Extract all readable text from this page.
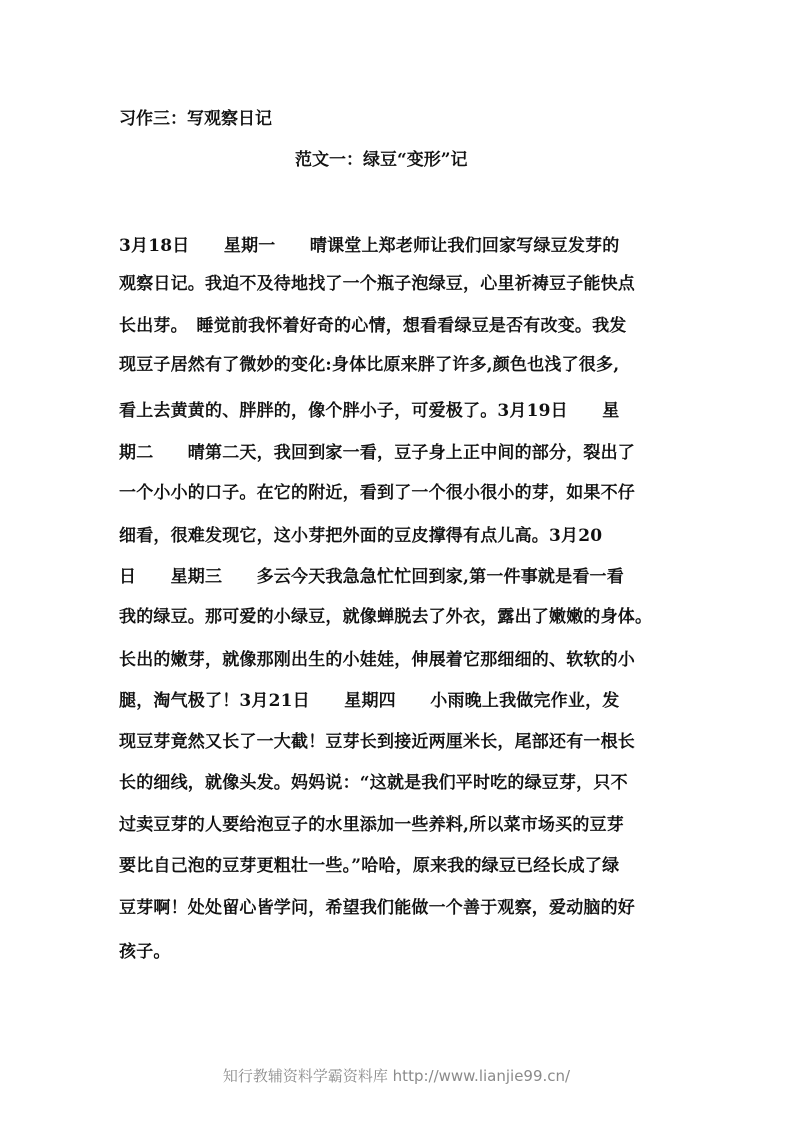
习作三：写观察日记
范文一：绿豆“变形”记
3月18日　　星期一　　晴课堂上郑老师让我们回家写绿豆发芽的
观察日记。我迫不及待地找了一个瓶子泡绿豆，心里祈祷豆子能快点
长出芽。　睡觉前我怀着好奇的心情，想看看绿豆是否有改变。我发
现豆子居然有了微妙的变化:身体比原来胖了许多,颜色也浅了很多,
看上去黄黄的、胖胖的，像个胖小子，可爱极了。3月19日　　星
期二　　晴第二天，我回到家一看，豆子身上正中间的部分，裂出了
一个小小的口子。在它的附近，看到了一个很小很小的芽，如果不仔
细看，很难发现它，这小芽把外面的豆皮撑得有点儿高。3月20
日　　星期三　　多云今天我急急忙忙回到家,第一件事就是看一看
我的绿豆。那可爱的小绿豆，就像蝉脱去了外衣，露出了嫩嫩的身体。
长出的嫩芽，就像那刚出生的小娃娃，伸展着它那细细的、软软的小
腿，淘气极了！3月21日　　星期四　　小雨晚上我做完作业，发
现豆芽竟然又长了一大截！豆芽长到接近两厘米长，尾部还有一根长
长的细线，就像头发。妈妈说：“这就是我们平时吃的绿豆芽，只不
过卖豆芽的人要给泡豆子的水里添加一些养料,所以菜市场买的豆芽
要比自己泡的豆芽更粗壮一些。”哈哈，原来我的绿豆已经长成了绿
豆芽啊！处处留心皆学问，希望我们能做一个善于观察，爱动脑的好
孩子。
知行教辅资料学霸资料库 http://www.lianjie99.cn/
